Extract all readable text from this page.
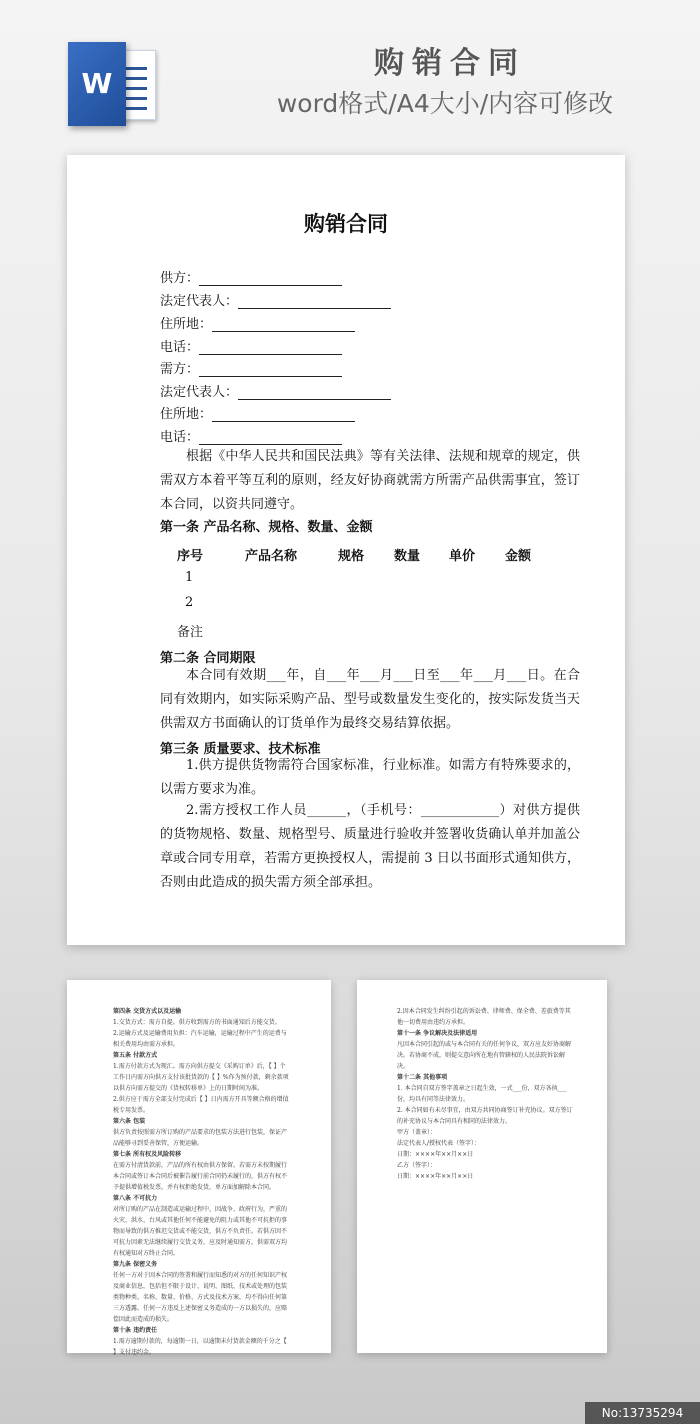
W
购销合同
word格式/A4大小/内容可修改
购销合同
供方：
法定代表人：
住所地：
电话：
需方：
法定代表人：
住所地：
电话：

根据《中华人民共和国民法典》等有关法律、法规和规章的规定，供需双方本着平等互利的原则，经友好协商就需方所需产品供需事宜，签订本合同，以资共同遵守。

第一条 产品名称、规格、数量、金额
序号	产品名称	规格 数量 单价 金额
1
2
备注
第二条 合同期限

本合同有效期___年，自___年___月___日至___年___月___日。在合同有效期内，如实际采购产品、型号或数量发生变化的，按实际发货当天供需双方书面确认的订货单作为最终交易结算依据。

第三条 质量要求、技术标准

1.供方提供货物需符合国家标准，行业标准。如需方有特殊要求的，以需方要求为准。

2.需方授权工作人员______，（手机号：____________）对供方提供的货物规格、数量、规格型号、质量进行验收并签署收货确认单并加盖公章或合同专用章，若需方更换授权人，需提前 3 日以书面形式通知供方，否则由此造成的损失需方须全部承担。

第四条 交货方式以及运输
1.交货方式：需方自提。供方收到需方的书面通知后方能交货。
2.运输方式及运输费用负担：汽车运输，运输过程中产生的运费与相关费用均由需方承担。
第五条 付款方式
1.需方付款方式为现汇。需方向供方提交《采购订单》后，【 】个工作日内需方向供方支付该批货款的【 】%作为预付款，剩余款项以供方向需方提交的《货权转移单》上的日期时间为准。
2.供方应于需方全部支付完成后【 】日内需方开具等额合格的增值税专用发票。
第六条 包装
供方负责按照需方所订购的产品要求的包装方法进行包装，保证产品能够寻到妥善保管，方便运输。
第七条 所有权及风险转移
在需方付清货款前，产品的所有权由供方保留。若需方未按期履行本合同或签订本合同后被催告履行前合同仍未履行的，供方有权不予提供增值税发票，并有权拒绝发货，单方面加解除本合同。
第八条 不可抗力
对所订购的产品在制造或运输过程中，因战争、政府行为，严重的火灾、洪水、台风或其他任何不能避免的阻力或其他不可抗拒的事物而导致的供方推迟交货或不能交货，供方不负责任。若供方因不可抗力因素无法继续履行交货义务，应及时通知需方，供需双方均有权通知对方终止合同。
第九条 保密义务
任何一方对于因本合同的签署和履行而知悉的对方的任何知识产权及商业信息，包括但不限于设计、说明、图纸、技术或处理的包装类物种类、名称、数量、价格、方式及技术方案，均不得向任何第三方透露。任何一方违反上述保密义务造成的一方以损失的，应赔偿因此而造成的损失。
第十条 违约责任
1.需方逾期付款的，每逾期一日，以逾期未付货款金额的千分之【 】支付违约金。
2.因本合同发生纠纷引起的诉讼费、律师费、保全费、差旅费等其他一切费用由违约方承担。
第十一条 争议解决及法律适用
凡因本合同引起的或与本合同有关的任何争议，双方应友好协商解决。若协商不成，则提交意向所在地有管辖权的人民法院诉讼解决。
第十二条 其他事项
1. 本合同自双方签字盖章之日起生效，一式___份，双方各执___份，均具有同等法律效力。
2. 本合同如有未尽事宜，由双方共同协商签订补充协议。双方签订的补充协议与本合同具有相同的法律效力。
甲方（盖章）：
法定代表人/授权代表（签字）：
日期：××××年××月××日
乙方（签字）：
日期：××××年××月××日
No:13735294
